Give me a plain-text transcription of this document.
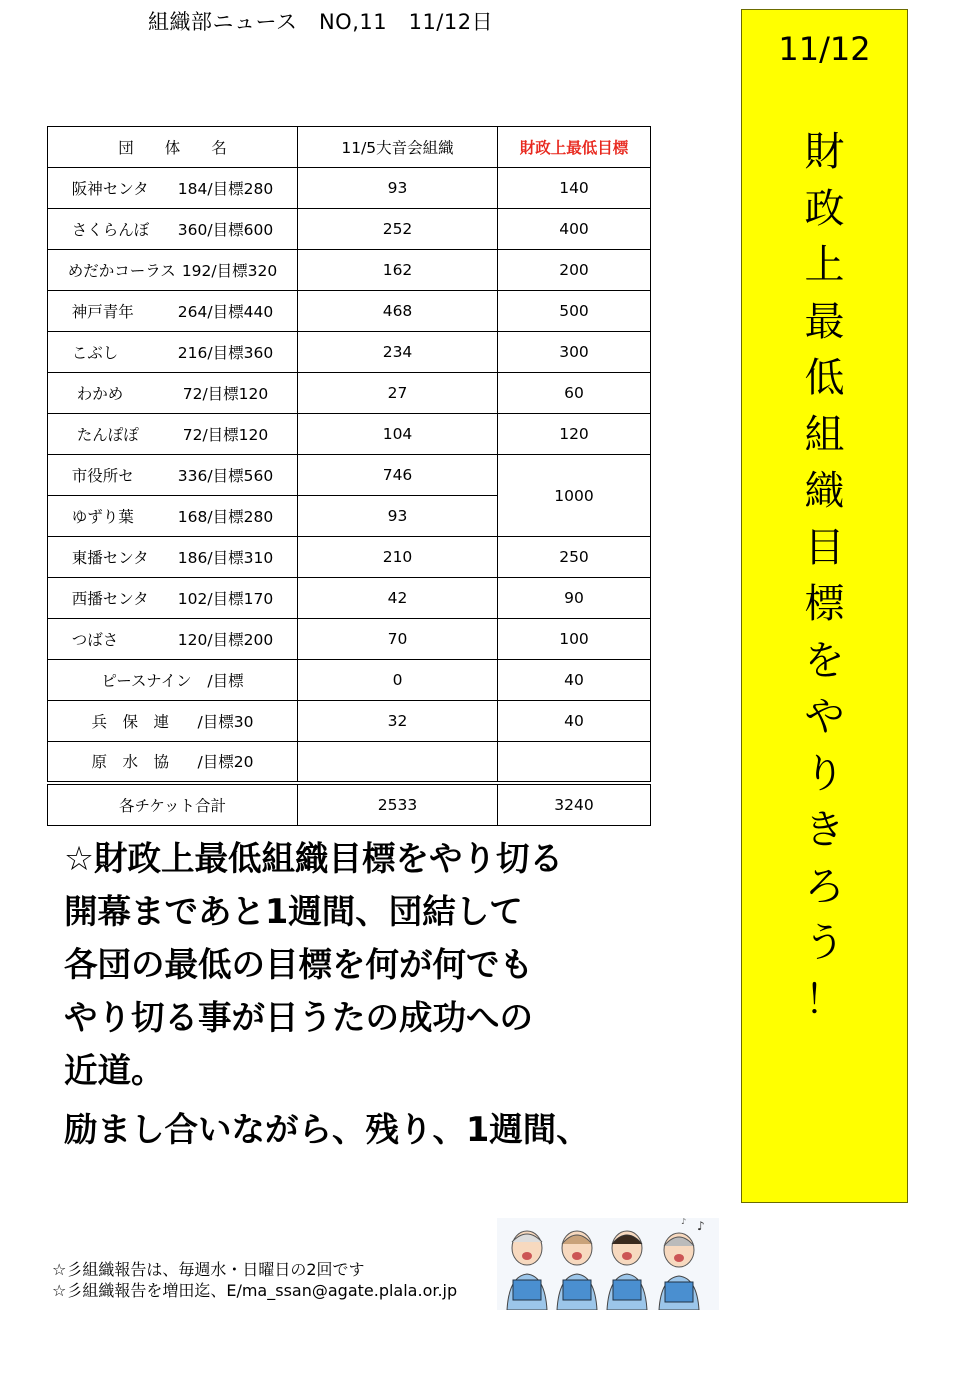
組織部ニュース　NO,11　11/12日
11/12
財
政
上
最
低
組
織
目
標
を
や
り
き
ろ
う
！
団　　体　　名	11/5大音会組織	財政上最低目標

阪神センタ 184/目標280	93	140

さくらんぼ 360/目標600	252	400

めだかコーラス 192/目標320	162	200

神戸青年 264/目標440	468	500

こぶし 216/目標360	234	300

わかめ 72/目標120	27	60

たんぽぽ 72/目標120	104	120

市役所セ 336/目標560	746	1000

ゆずり葉 168/目標280	93	

東播センタ 186/目標310	210	250

西播センタ 102/目標170	42	90

つばさ 120/目標200	70	100

ピースナイン /目標	0	40

兵　保　連 /目標30	32	40

原　水　協 /目標20		

各チケット合計	2533	3240

☆財政上最低組織目標をやり切る

開幕まであと1週間、団結して

各団の最低の目標を何が何でも

やり切る事が日うたの成功への

近道。

励まし合いながら、残り、1週間、

☆彡組織報告は、毎週水・日曜日の2回です

☆彡組織報告を増田迄、E/ma_ssan@agate.plala.or.jp

♪
♪
